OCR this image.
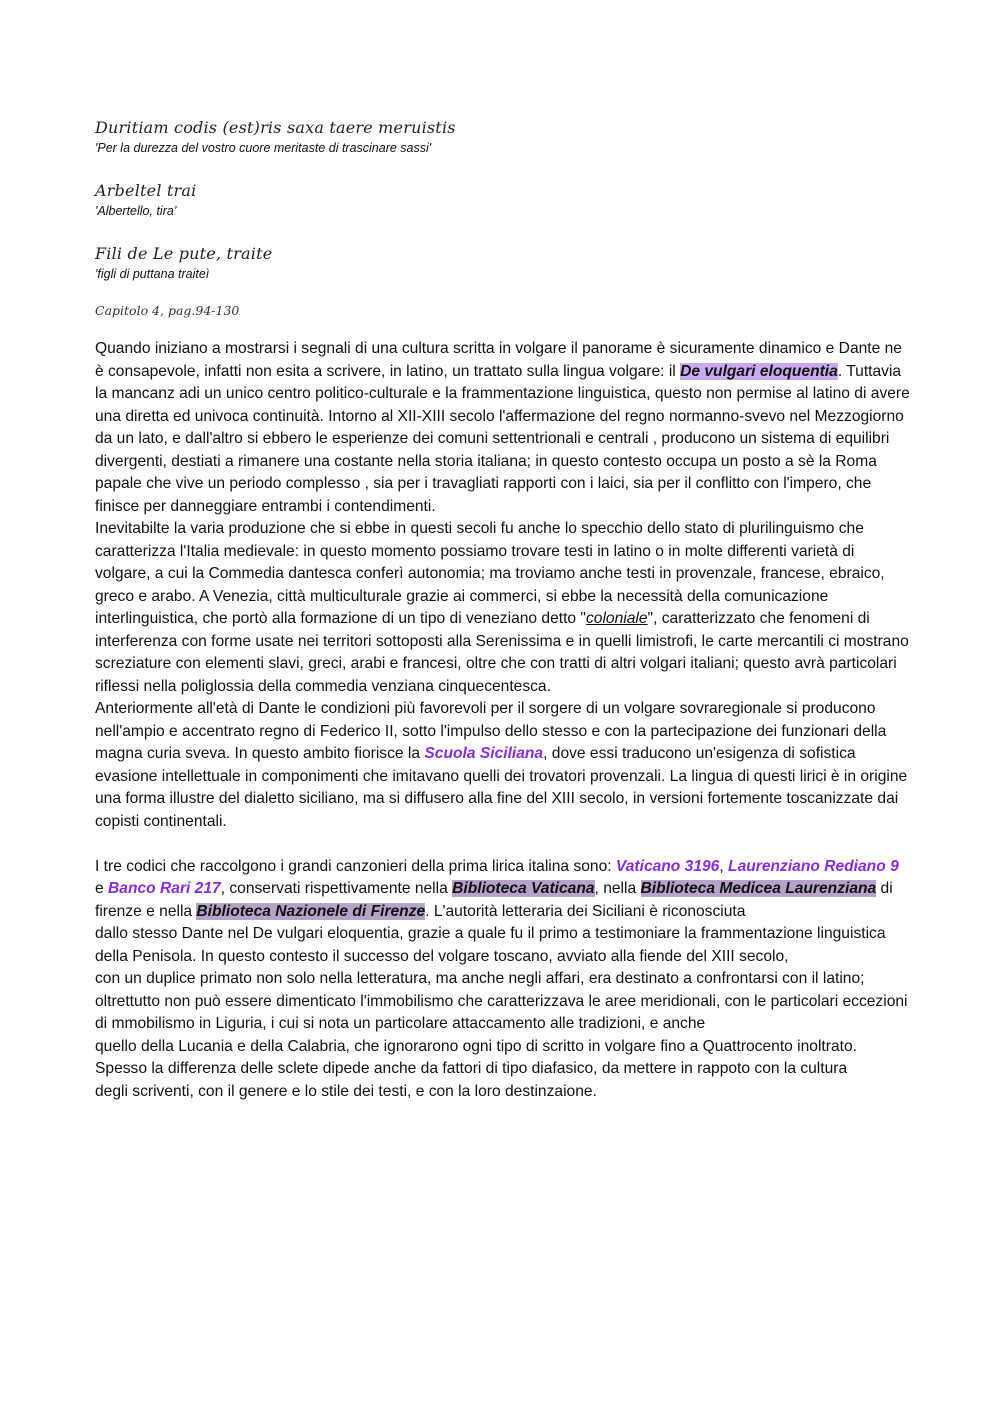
Duritiam codis (est)ris saxa taere meruistis
'Per la durezza del vostro cuore meritaste di trascinare sassi'
Arbeltel trai
'Albertello, tira’
Fili de Le pute, traite
'figli di puttana traiteì
Capitolo 4, pag.94-130

Quando iniziano a mostrarsi i segnali di una cultura scritta in volgare il panorame è sicuramente dinamico e Dante ne è consapevole, infatti non esita a scrivere, in latino, un trattato sulla lingua volgare: il De vulgari eloquentia. Tuttavia la mancanz adi un unico centro politico-culturale e la frammentazione linguistica, questo non permise al latino di avere una diretta ed univoca continuità. Intorno al XII-XIII secolo l'affermazione del regno normanno-svevo nel Mezzogiorno da un lato, e dall'altro si ebbero le esperienze dei comuni settentrionali e centrali , producono un sistema di equilibri divergenti, destiati a rimanere una costante nella storia italiana; in questo contesto occupa un posto a sè la Roma papale che vive un periodo complesso , sia per i travagliati rapporti con i laici, sia per il conflitto con l'impero, che finisce per danneggiare entrambi i contendimenti.

Inevitabilte la varia produzione che si ebbe in questi secoli fu anche lo specchio dello stato di plurilinguismo che caratterizza l'Italia medievale: in questo momento possiamo trovare testi in latino o in molte differenti varietà di volgare, a cui la Commedia dantesca conferì autonomia; ma troviamo anche testi in provenzale, francese, ebraico, greco e arabo. A Venezia, città multiculturale grazie ai commerci, si ebbe la necessità della comunicazione interlinguistica, che portò alla formazione di un tipo di veneziano detto "coloniale", caratterizzato che fenomeni di interferenza con forme usate nei territori sottoposti alla Serenissima e in quelli limistrofi, le carte mercantili ci mostrano screziature con elementi slavi, greci, arabi e francesi, oltre che con tratti di altri volgari italiani; questo avrà particolari riflessi nella poliglossia della commedia venziana cinquecentesca.

Anteriormente all'età di Dante le condizioni più favorevoli per il sorgere di un volgare sovraregionale si producono nell'ampio e accentrato regno di Federico II, sotto l'impulso dello stesso e con la partecipazione dei funzionari della magna curia sveva. In questo ambito fiorisce la Scuola Siciliana, dove essi traducono un'esigenza di sofistica evasione intellettuale in componimenti che imitavano quelli dei trovatori provenzali. La lingua di questi lirici è in origine una forma illustre del dialetto siciliano, ma si diffusero alla fine del XIII secolo, in versioni fortemente toscanizzate dai copisti continentali.

I tre codici che raccolgono i grandi canzonieri della prima lirica italina sono: Vaticano 3196, Laurenziano Rediano 9 e Banco Rari 217, conservati rispettivamente nella Biblioteca Vaticana, nella Biblioteca Medicea Laurenziana di firenze e nella Biblioteca Nazionele di Firenze. L'autorità letteraria dei Siciliani è riconosciuta

dallo stesso Dante nel De vulgari eloquentia, grazie a quale fu il primo a testimoniare la frammentazione linguistica della Penisola. In questo contesto il successo del volgare toscano, avviato alla fiende del XIII secolo,

con un duplice primato non solo nella letteratura, ma anche negli affari, era destinato a confrontarsi con il latino; oltrettutto non può essere dimenticato l'immobilismo che caratterizzava le aree meridionali, con le particolari eccezioni di mmobilismo in Liguria, i cui si nota un particolare attaccamento alle tradizioni, e anche

quello della Lucania e della Calabria, che ignorarono ogni tipo di scritto in volgare fino a Quattrocento inoltrato.

Spesso la differenza delle sclete dipede anche da fattori di tipo diafasico, da mettere in rappoto con la cultura

degli scriventi, con il genere e lo stile dei testi, e con la loro destinzaione.
